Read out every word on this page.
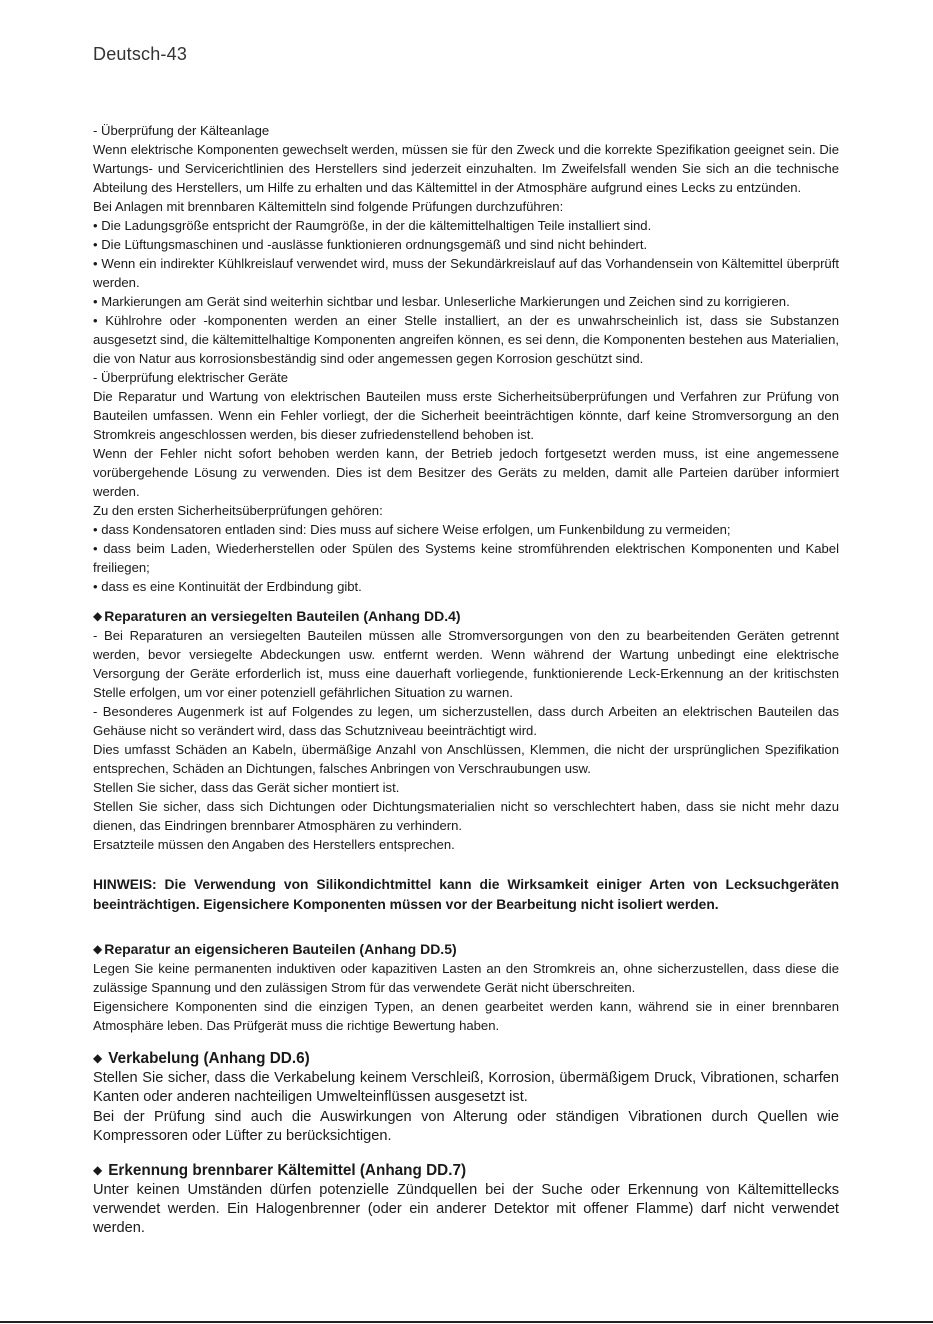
Deutsch-43

- Überprüfung der Kälteanlage

Wenn elektrische Komponenten gewechselt werden, müssen sie für den Zweck und die korrekte Spezifikation geeignet sein. Die Wartungs- und Servicerichtlinien des Herstellers sind jederzeit einzuhalten. Im Zweifelsfall wenden Sie sich an die technische Abteilung des Herstellers, um Hilfe zu erhalten und das Kältemittel in der Atmosphäre aufgrund eines Lecks zu entzünden.

Bei Anlagen mit brennbaren Kältemitteln sind folgende Prüfungen durchzuführen:

• Die Ladungsgröße entspricht der Raumgröße, in der die kältemittelhaltigen Teile installiert sind.

• Die Lüftungsmaschinen und -auslässe funktionieren ordnungsgemäß und sind nicht behindert.

• Wenn ein indirekter Kühlkreislauf verwendet wird, muss der Sekundärkreislauf auf das Vorhandensein von Kältemittel überprüft werden.

• Markierungen am Gerät sind weiterhin sichtbar und lesbar. Unleserliche Markierungen und Zeichen sind zu korrigieren.

• Kühlrohre oder -komponenten werden an einer Stelle installiert, an der es unwahrscheinlich ist, dass sie Substanzen ausgesetzt sind, die kältemittelhaltige Komponenten angreifen können, es sei denn, die Komponenten bestehen aus Materialien, die von Natur aus korrosionsbeständig sind oder angemessen gegen Korrosion geschützt sind.

- Überprüfung elektrischer Geräte

Die Reparatur und Wartung von elektrischen Bauteilen muss erste Sicherheitsüberprüfungen und Verfahren zur Prüfung von Bauteilen umfassen. Wenn ein Fehler vorliegt, der die Sicherheit beeinträchtigen könnte, darf keine Stromversorgung an den Stromkreis angeschlossen werden, bis dieser zufriedenstellend behoben ist.

Wenn der Fehler nicht sofort behoben werden kann, der Betrieb jedoch fortgesetzt werden muss, ist eine angemessene vorübergehende Lösung zu verwenden. Dies ist dem Besitzer des Geräts zu melden, damit alle Parteien darüber informiert werden.

Zu den ersten Sicherheitsüberprüfungen gehören:

• dass Kondensatoren entladen sind: Dies muss auf sichere Weise erfolgen, um Funkenbildung zu vermeiden;

• dass beim Laden, Wiederherstellen oder Spülen des Systems keine stromführenden elektrischen Komponenten und Kabel freiliegen;

• dass es eine Kontinuität der Erdbindung gibt.

◆ Reparaturen an versiegelten Bauteilen (Anhang DD.4)

- Bei Reparaturen an versiegelten Bauteilen müssen alle Stromversorgungen von den zu bearbeitenden Geräten getrennt werden, bevor versiegelte Abdeckungen usw. entfernt werden. Wenn während der Wartung unbedingt eine elektrische Versorgung der Geräte erforderlich ist, muss eine dauerhaft vorliegende, funktionierende Leck-Erkennung an der kritischsten Stelle erfolgen, um vor einer potenziell gefährlichen Situation zu warnen.

- Besonderes Augenmerk ist auf Folgendes zu legen, um sicherzustellen, dass durch Arbeiten an elektrischen Bauteilen das Gehäuse nicht so verändert wird, dass das Schutzniveau beeinträchtigt wird.

Dies umfasst Schäden an Kabeln, übermäßige Anzahl von Anschlüssen, Klemmen, die nicht der ursprünglichen Spezifikation entsprechen, Schäden an Dichtungen, falsches Anbringen von Verschraubungen usw.

Stellen Sie sicher, dass das Gerät sicher montiert ist.

Stellen Sie sicher, dass sich Dichtungen oder Dichtungsmaterialien nicht so verschlechtert haben, dass sie nicht mehr dazu dienen, das Eindringen brennbarer Atmosphären zu verhindern.

Ersatzteile müssen den Angaben des Herstellers entsprechen.

HINWEIS: Die Verwendung von Silikondichtmittel kann die Wirksamkeit einiger Arten von Lecksuchgeräten beeinträchtigen. Eigensichere Komponenten müssen vor der Bearbeitung nicht isoliert werden.
◆ Reparatur an eigensicheren Bauteilen (Anhang DD.5)

Legen Sie keine permanenten induktiven oder kapazitiven Lasten an den Stromkreis an, ohne sicherzustellen, dass diese die zulässige Spannung und den zulässigen Strom für das verwendete Gerät nicht überschreiten.

Eigensichere Komponenten sind die einzigen Typen, an denen gearbeitet werden kann, während sie in einer brennbaren Atmosphäre leben. Das Prüfgerät muss die richtige Bewertung haben.

◆ Verkabelung (Anhang DD.6)

Stellen Sie sicher, dass die Verkabelung keinem Verschleiß, Korrosion, übermäßigem Druck, Vibrationen, scharfen Kanten oder anderen nachteiligen Umwelteinflüssen ausgesetzt ist.

Bei der Prüfung sind auch die Auswirkungen von Alterung oder ständigen Vibrationen durch Quellen wie Kompressoren oder Lüfter zu berücksichtigen.

◆ Erkennung brennbarer Kältemittel (Anhang DD.7)

Unter keinen Umständen dürfen potenzielle Zündquellen bei der Suche oder Erkennung von Kältemittellecks verwendet werden. Ein Halogenbrenner (oder ein anderer Detektor mit offener Flamme) darf nicht verwendet werden.
